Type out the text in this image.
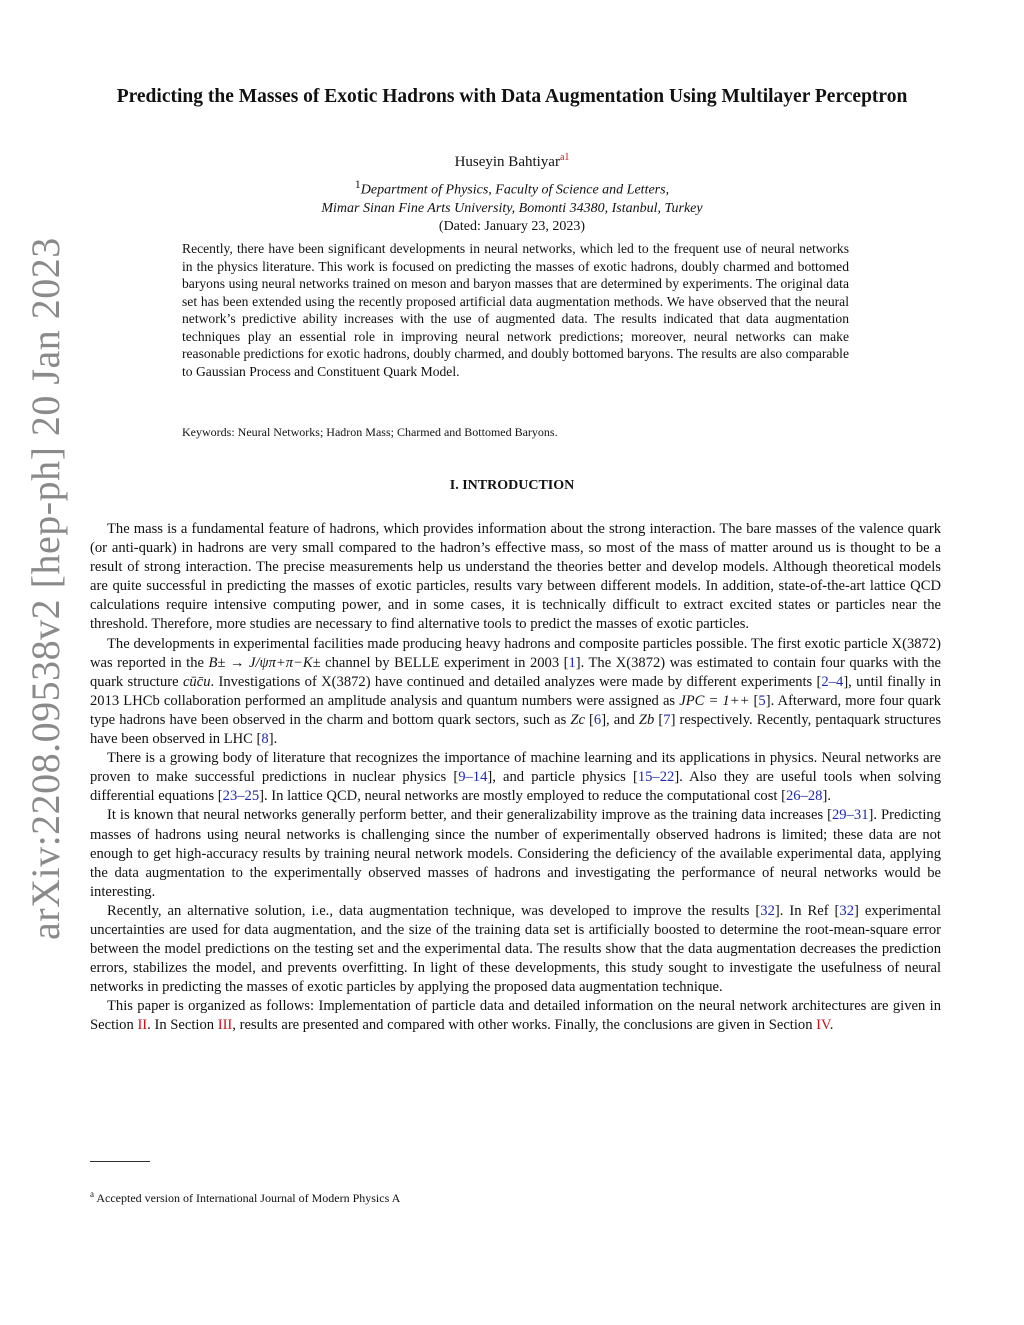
arXiv:2208.09538v2 [hep-ph] 20 Jan 2023
Predicting the Masses of Exotic Hadrons with Data Augmentation Using Multilayer Perceptron
Huseyin Bahtiyar$^{a1}$
$^1$Department of Physics, Faculty of Science and Letters,
Mimar Sinan Fine Arts University, Bomonti 34380, Istanbul, Turkey
(Dated: January 23, 2023)
Recently, there have been significant developments in neural networks, which led to the frequent use of neural networks in the physics literature. This work is focused on predicting the masses of exotic hadrons, doubly charmed and bottomed baryons using neural networks trained on meson and baryon masses that are determined by experiments. The original data set has been extended using the recently proposed artificial data augmentation methods. We have observed that the neural network’s predictive ability increases with the use of augmented data. The results indicated that data augmentation techniques play an essential role in improving neural network predictions; moreover, neural networks can make reasonable predictions for exotic hadrons, doubly charmed, and doubly bottomed baryons. The results are also comparable to Gaussian Process and Constituent Quark Model.
Keywords: Neural Networks; Hadron Mass; Charmed and Bottomed Baryons.
I. INTRODUCTION

The mass is a fundamental feature of hadrons, which provides information about the strong interaction. The bare masses of the valence quark (or anti-quark) in hadrons are very small compared to the hadron’s effective mass, so most of the mass of matter around us is thought to be a result of strong interaction. The precise measurements help us understand the theories better and develop models. Although theoretical models are quite successful in predicting the masses of exotic particles, results vary between different models. In addition, state-of-the-art lattice QCD calculations require intensive computing power, and in some cases, it is technically difficult to extract excited states or particles near the threshold. Therefore, more studies are necessary to find alternative tools to predict the masses of exotic particles.

The developments in experimental facilities made producing heavy hadrons and composite particles possible. The first exotic particle X(3872) was reported in the B± → J/ψπ+π−K± channel by BELLE experiment in 2003 [1]. The X(3872) was estimated to contain four quarks with the quark structure cūc̄u. Investigations of X(3872) have continued and detailed analyzes were made by different experiments [2–4], until finally in 2013 LHCb collaboration performed an amplitude analysis and quantum numbers were assigned as JPC = 1++ [5]. Afterward, more four quark type hadrons have been observed in the charm and bottom quark sectors, such as Zc [6], and Zb [7] respectively. Recently, pentaquark structures have been observed in LHC [8].

There is a growing body of literature that recognizes the importance of machine learning and its applications in physics. Neural networks are proven to make successful predictions in nuclear physics [9–14], and particle physics [15–22]. Also they are useful tools when solving differential equations [23–25]. In lattice QCD, neural networks are mostly employed to reduce the computational cost [26–28].

It is known that neural networks generally perform better, and their generalizability improve as the training data increases [29–31]. Predicting masses of hadrons using neural networks is challenging since the number of experimentally observed hadrons is limited; these data are not enough to get high-accuracy results by training neural network models. Considering the deficiency of the available experimental data, applying the data augmentation to the experimentally observed masses of hadrons and investigating the performance of neural networks would be interesting.

Recently, an alternative solution, i.e., data augmentation technique, was developed to improve the results [32]. In Ref [32] experimental uncertainties are used for data augmentation, and the size of the training data set is artificially boosted to determine the root-mean-square error between the model predictions on the testing set and the experimental data. The results show that the data augmentation decreases the prediction errors, stabilizes the model, and prevents overfitting. In light of these developments, this study sought to investigate the usefulness of neural networks in predicting the masses of exotic particles by applying the proposed data augmentation technique.

This paper is organized as follows: Implementation of particle data and detailed information on the neural network architectures are given in Section II. In Section III, results are presented and compared with other works. Finally, the conclusions are given in Section IV.

$^a$ Accepted version of International Journal of Modern Physics A
